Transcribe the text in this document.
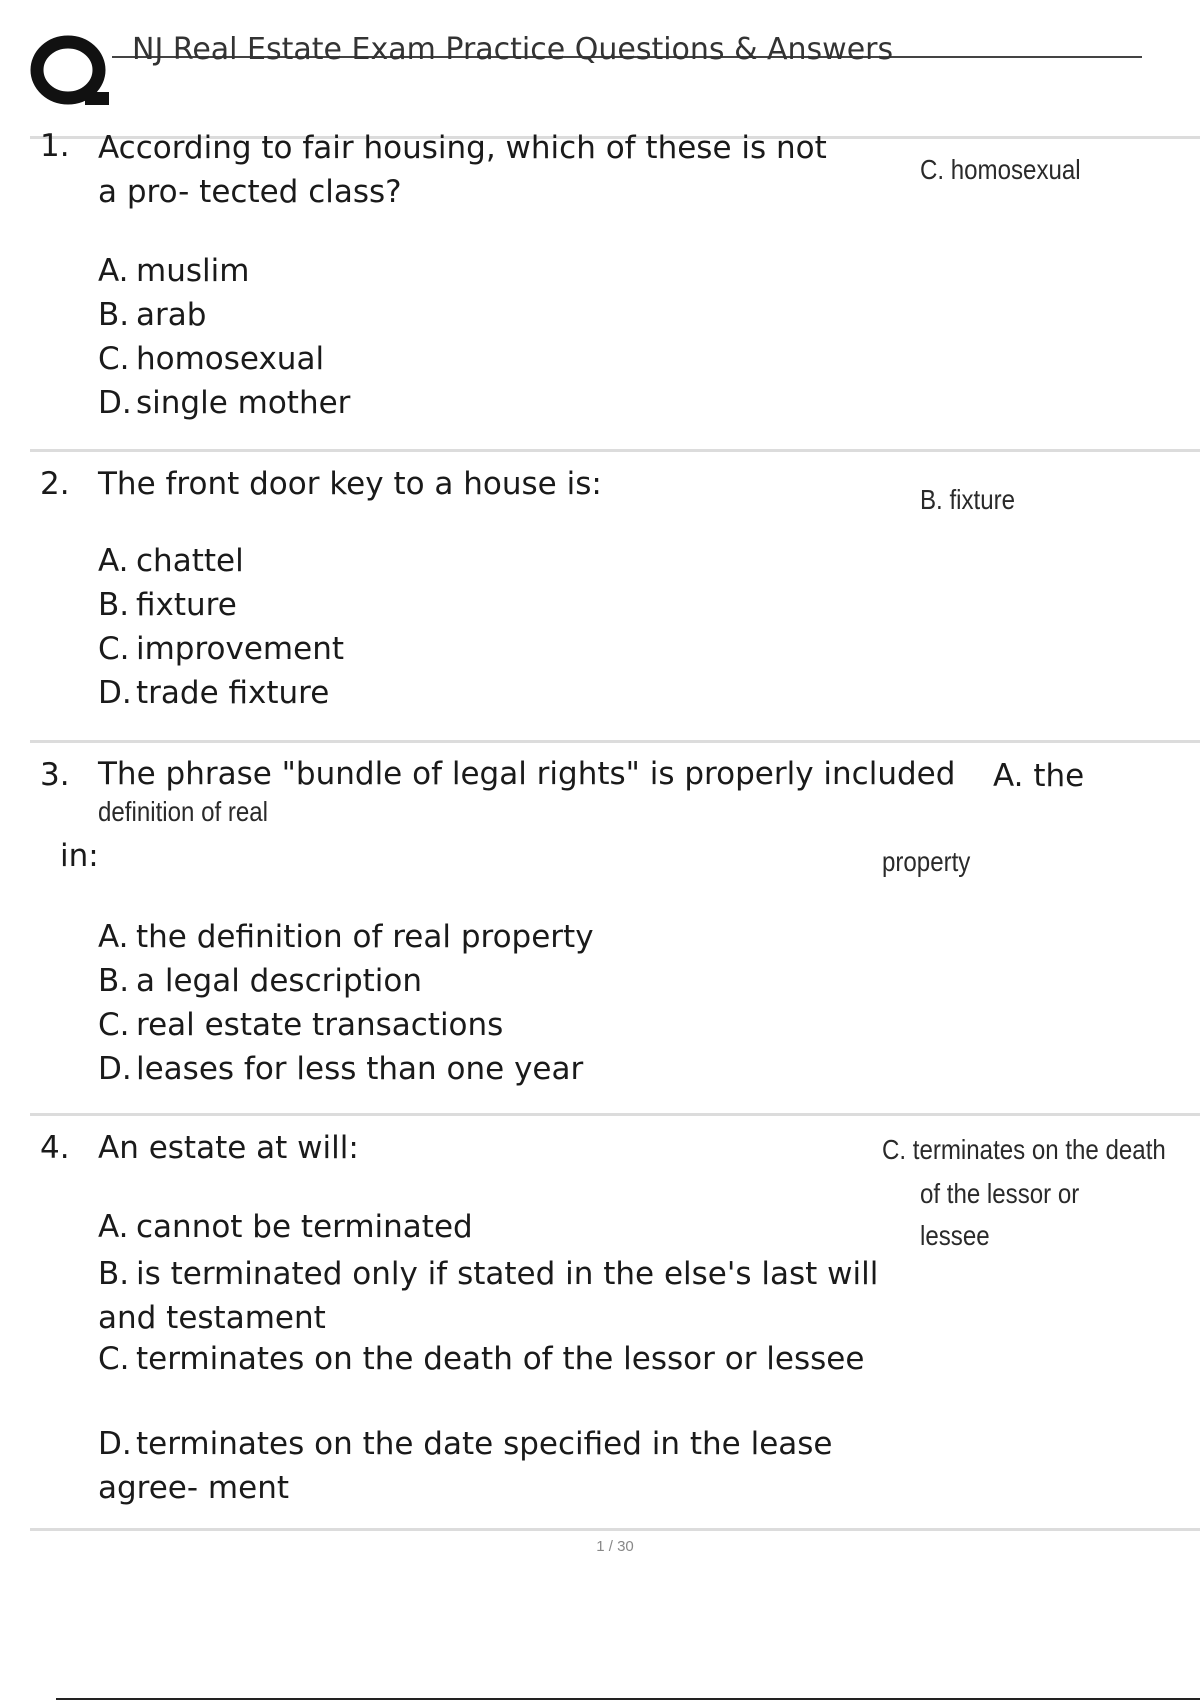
NJ Real Estate Exam Practice Questions & Answers
1. According to fair housing, which of these is not
a pro- tected class?
A. muslim
B. arab
C. homosexual
D. single mother
C. homosexual
2. The front door key to a house is:
A. chattel
B. fixture
C. improvement
D. trade fixture
B. fixture
3. The phrase "bundle of legal rights" is properly included
in:
A. the
definition of real
property
A. the definition of real property
B. a legal description
C. real estate transactions
D. leases for less than one year
4. An estate at will:
A. cannot be terminated
B. is terminated only if stated in the else's last will and testament
C. terminates on the death of the lessor or lessee
D. terminates on the date specified in the lease agree- ment
C. terminates on the death
of the lessor or
lessee
1 / 30
